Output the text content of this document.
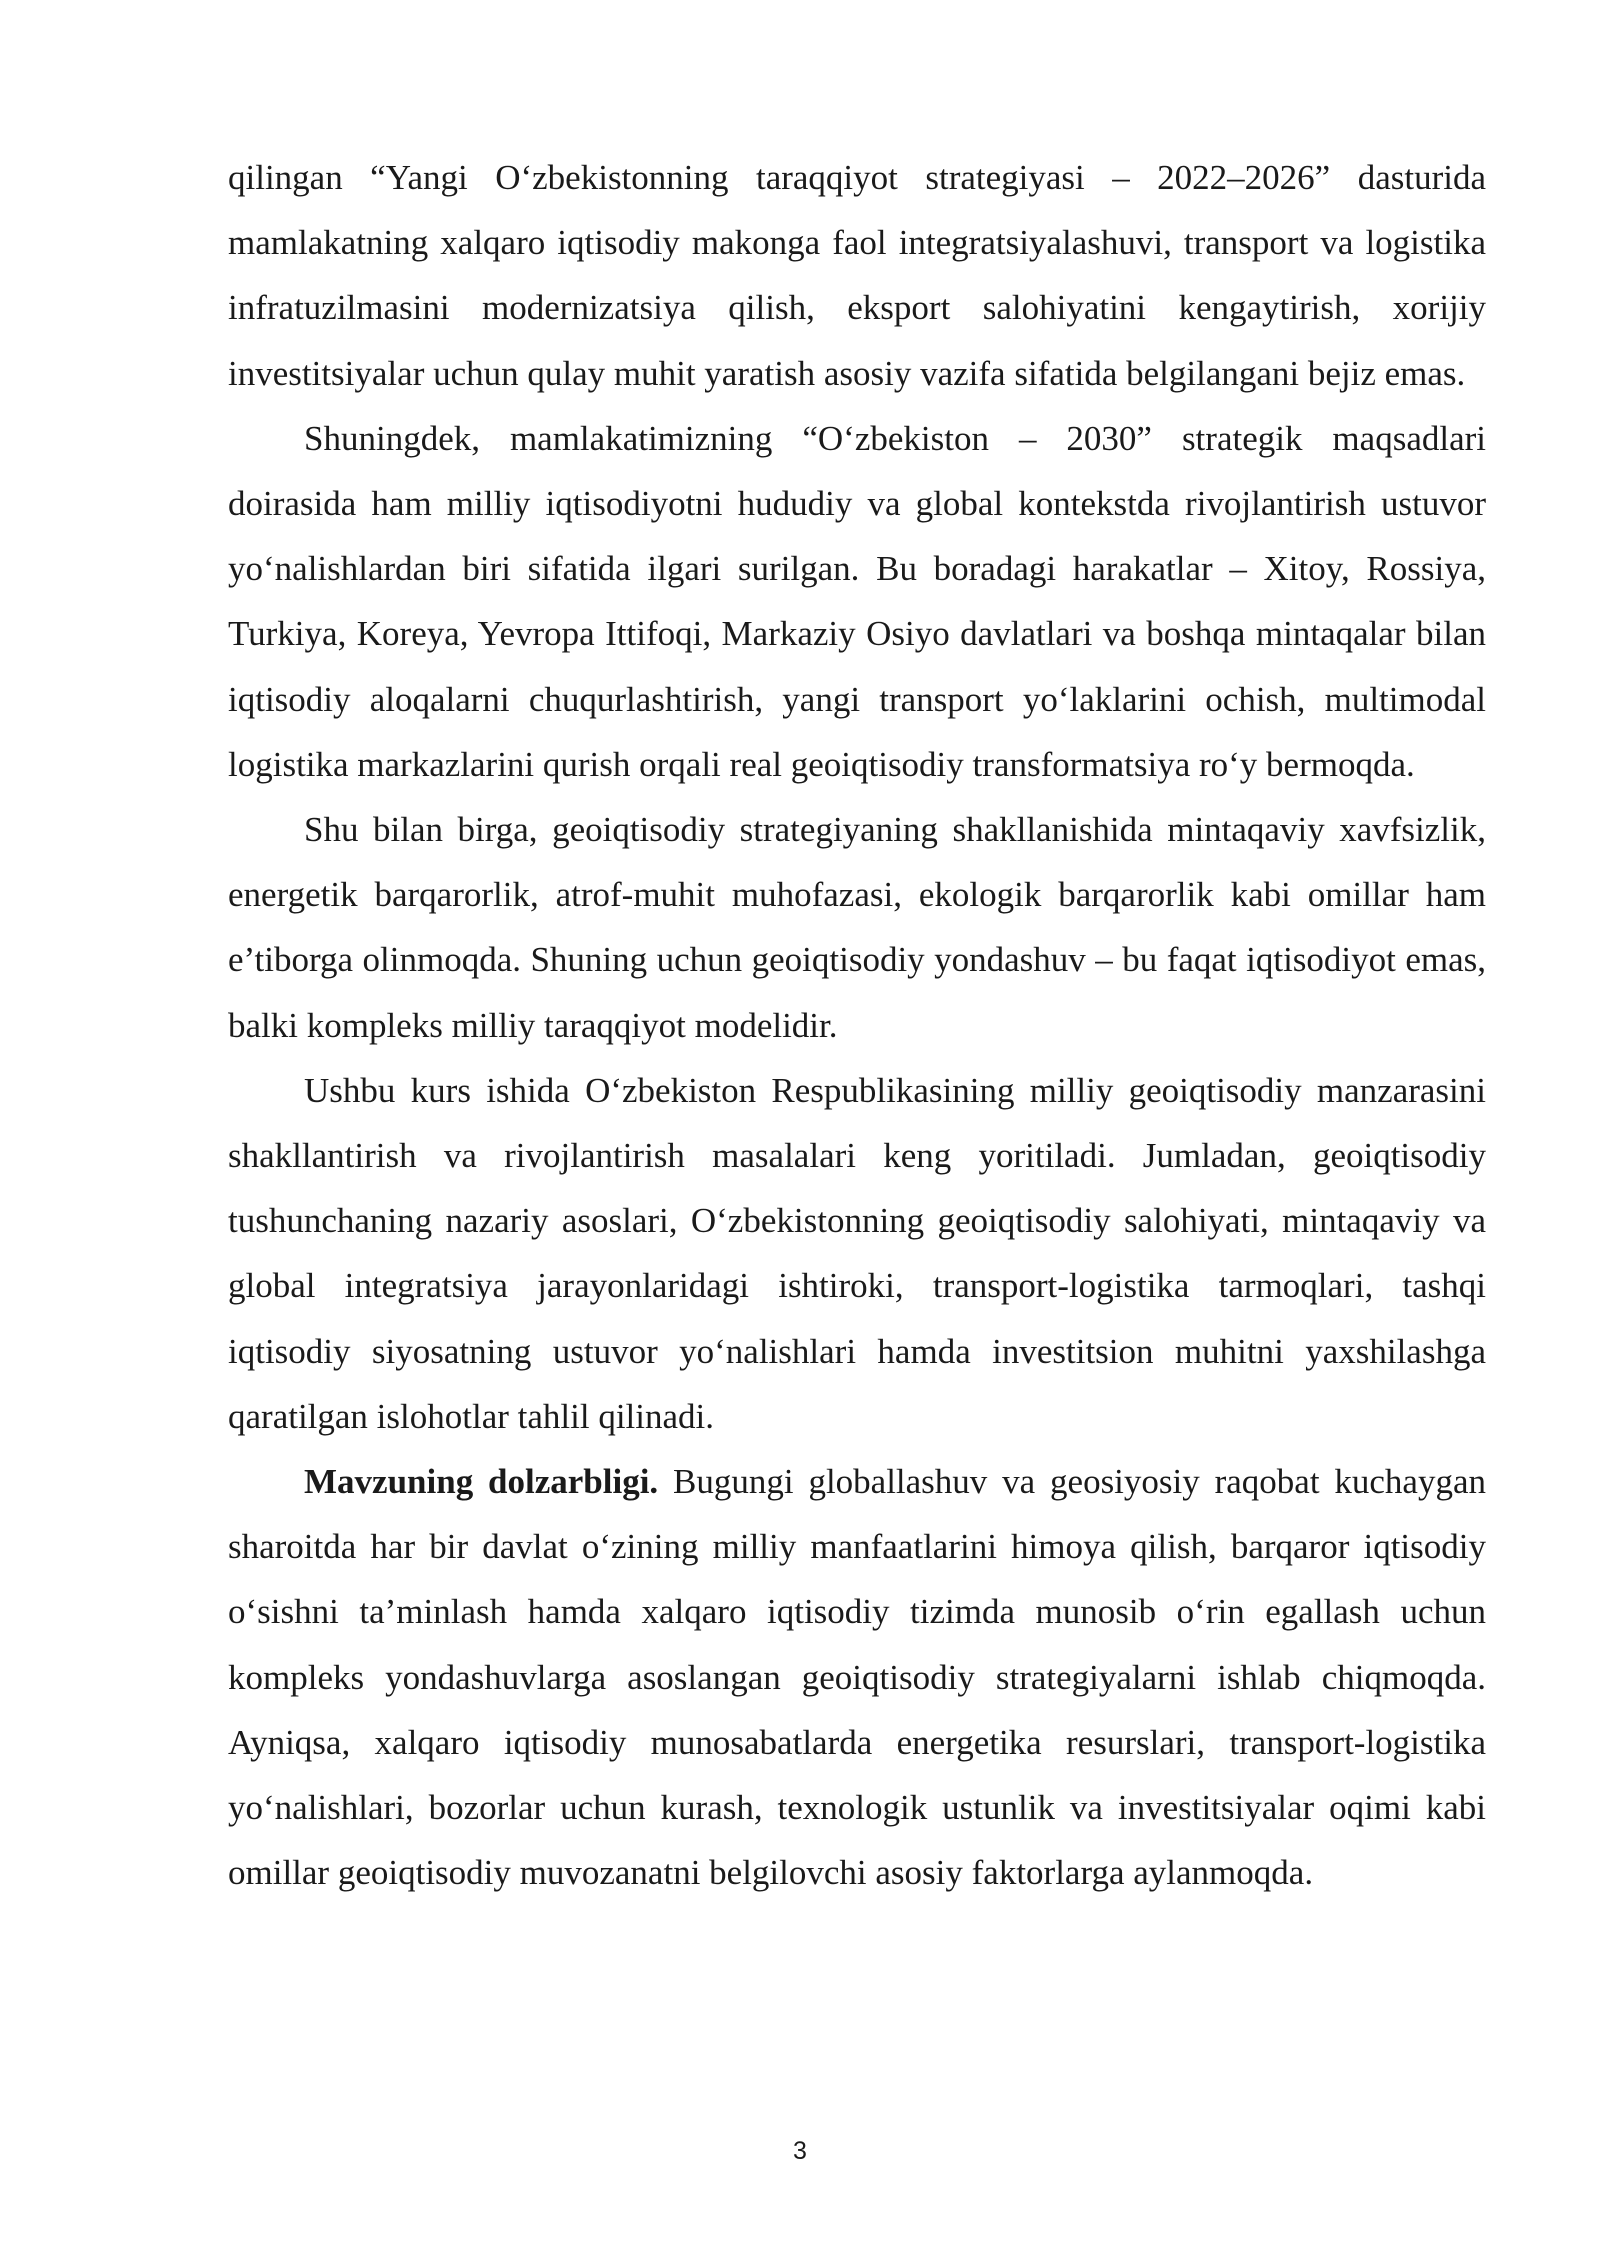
qilingan “Yangi O‘zbekistonning taraqqiyot strategiyasi – 2022–2026” dasturida mamlakatning xalqaro iqtisodiy makonga faol integratsiyalashuvi, transport va logistika infratuzilmasini modernizatsiya qilish, eksport salohiyatini kengaytirish, xorijiy investitsiyalar uchun qulay muhit yaratish asosiy vazifa sifatida belgilangani bejiz emas.

Shuningdek, mamlakatimizning “O‘zbekiston – 2030” strategik maqsadlari doirasida ham milliy iqtisodiyotni hududiy va global kontekstda rivojlantirish ustuvor yo‘nalishlardan biri sifatida ilgari surilgan. Bu boradagi harakatlar – Xitoy, Rossiya, Turkiya, Koreya, Yevropa Ittifoqi, Markaziy Osiyo davlatlari va boshqa mintaqalar bilan iqtisodiy aloqalarni chuqurlashtirish, yangi transport yo‘laklarini ochish, multimodal logistika markazlarini qurish orqali real geoiqtisodiy transformatsiya ro‘y bermoqda.

Shu bilan birga, geoiqtisodiy strategiyaning shakllanishida mintaqaviy xavfsizlik, energetik barqarorlik, atrof-muhit muhofazasi, ekologik barqarorlik kabi omillar ham e’tiborga olinmoqda. Shuning uchun geoiqtisodiy yondashuv – bu faqat iqtisodiyot emas, balki kompleks milliy taraqqiyot modelidir.

Ushbu kurs ishida O‘zbekiston Respublikasining milliy geoiqtisodiy manzarasini shakllantirish va rivojlantirish masalalari keng yoritiladi. Jumladan, geoiqtisodiy tushunchaning nazariy asoslari, O‘zbekistonning geoiqtisodiy salohiyati, mintaqaviy va global integratsiya jarayonlaridagi ishtiroki, transport-logistika tarmoqlari, tashqi iqtisodiy siyosatning ustuvor yo‘nalishlari hamda investitsion muhitni yaxshilashga qaratilgan islohotlar tahlil qilinadi.

Mavzuning dolzarbligi. Bugungi globallashuv va geosiyosiy raqobat kuchaygan sharoitda har bir davlat o‘zining milliy manfaatlarini himoya qilish, barqaror iqtisodiy o‘sishni ta’minlash hamda xalqaro iqtisodiy tizimda munosib o‘rin egallash uchun kompleks yondashuvlarga asoslangan geoiqtisodiy strategiyalarni ishlab chiqmoqda. Ayniqsa, xalqaro iqtisodiy munosabatlarda energetika resurslari, transport-logistika yo‘nalishlari, bozorlar uchun kurash, texnologik ustunlik va investitsiyalar oqimi kabi omillar geoiqtisodiy muvozanatni belgilovchi asosiy faktorlarga aylanmoqda.

3
